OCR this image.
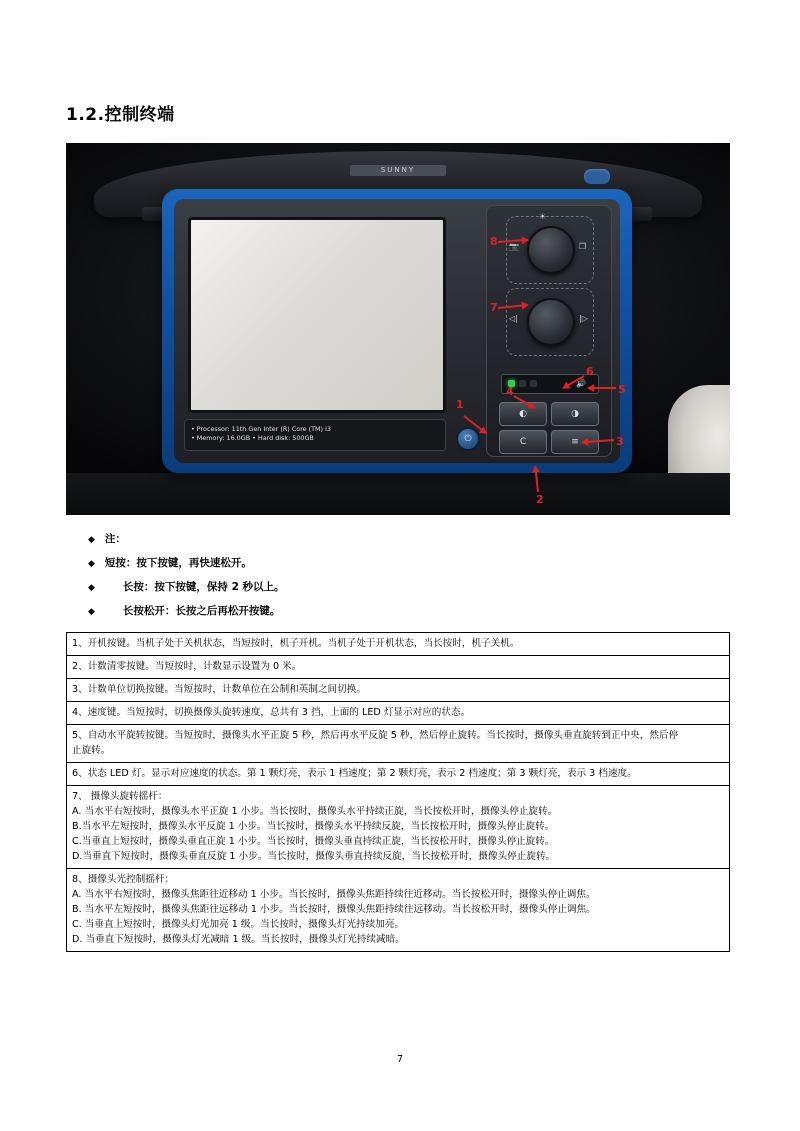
1.2.控制终端
SUNNY
• Processor: 11th Gen Inter (R) Core (TM) i3
• Memory: 16.0GB • Hard disk: 500GB	⏻
☀
📷	❐
◁|	|▷
🔊
◐	◑
C	≡
1
2
3
4	5
6
7
8
◆ 注：
◆ 短按：按下按键，再快速松开。
◆	长按：按下按键，保持 2 秒以上。
◆	长按松开：长按之后再松开按键。
1、开机按键。当机子处于关机状态，当短按时，机子开机。当机子处于开机状态，当长按时，机子关机。
2、计数清零按键。当短按时，计数显示设置为 0 米。
3、计数单位切换按键。当短按时，计数单位在公制和英制之间切换。
4、速度键。当短按时，切换摄像头旋转速度，总共有 3 挡，上面的 LED 灯显示对应的状态。

5、自动水平旋转按键。当短按时，摄像头水平正旋 5 秒，然后再水平反旋 5 秒，然后停止旋转。当长按时，摄像头垂直旋转到正中央，然后停
止旋转。

6、状态 LED 灯。显示对应速度的状态。第 1 颗灯亮，表示 1 档速度；第 2 颗灯亮，表示 2 档速度；第 3 颗灯亮，表示 3 档速度。

7、 摄像头旋转摇杆：
A. 当水平右短按时，摄像头水平正旋 1 小步。当长按时，摄像头水平持续正旋，当长按松开时，摄像头停止旋转。
B.当水平左短按时，摄像头水平反旋 1 小步。当长按时，摄像头水平持续反旋，当长按松开时，摄像头停止旋转。
C.当垂直上短按时，摄像头垂直正旋 1 小步。当长按时，摄像头垂直持续正旋，当长按松开时，摄像头停止旋转。
D.当垂直下短按时，摄像头垂直反旋 1 小步。当长按时，摄像头垂直持续反旋，当长按松开时，摄像头停止旋转。

8、摄像头光控制摇杆：
A. 当水平右短按时，摄像头焦距往近移动 1 小步。当长按时，摄像头焦距持续往近移动。当长按松开时，摄像头停止调焦。
B. 当水平左短按时，摄像头焦距往远移动 1 小步。当长按时，摄像头焦距持续往远移动。当长按松开时，摄像头停止调焦。
C. 当垂直上短按时，摄像头灯光加亮 1 级。当长按时，摄像头灯光持续加亮。
D. 当垂直下短按时，摄像头灯光减暗 1 级。当长按时，摄像头灯光持续减暗。
7
